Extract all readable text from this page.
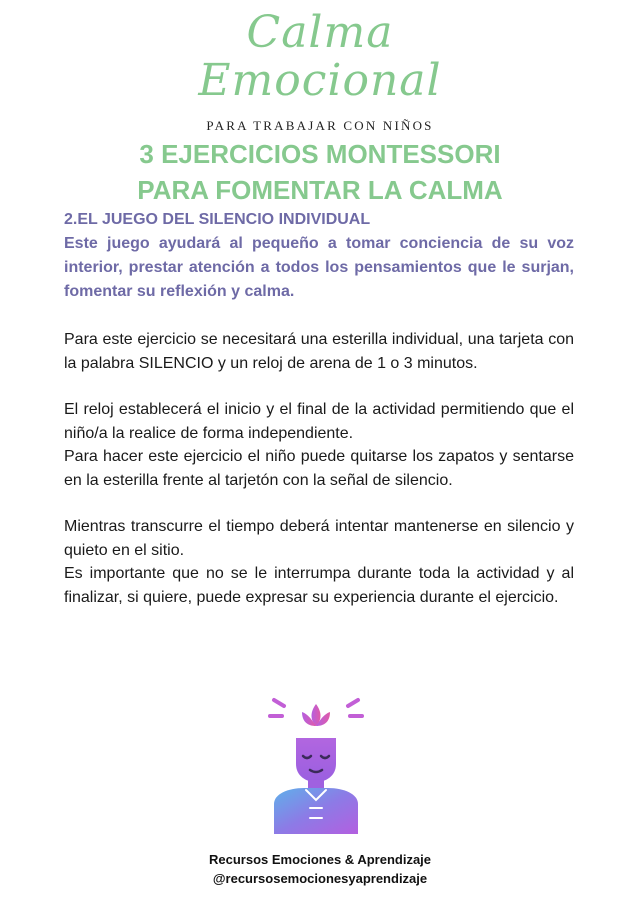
Calma
Emocional
PARA TRABAJAR CON NIÑOS
3 EJERCICIOS MONTESSORI
PARA FOMENTAR LA CALMA

2.EL JUEGO DEL SILENCIO INDIVIDUAL

Este juego ayudará al pequeño a tomar conciencia de su voz interior, prestar atención a todos los pensamientos que le surjan, fomentar su reflexión y calma.

Para este ejercicio se necesitará una esterilla individual, una tarjeta con la palabra SILENCIO y un reloj de arena de 1 o 3 minutos.

El reloj establecerá el inicio y el final de la actividad permitiendo que el niño/a la realice de forma independiente.

Para hacer este ejercicio el niño puede quitarse los zapatos y sentarse en la esterilla frente al tarjetón con la señal de silencio.

Mientras transcurre el tiempo deberá intentar mantenerse en silencio y quieto en el sitio.

Es importante que no se le interrumpa durante toda la actividad y al finalizar, si quiere, puede expresar su experiencia durante el ejercicio.

Recursos Emociones & Aprendizaje
@recursosemocionesyaprendizaje
